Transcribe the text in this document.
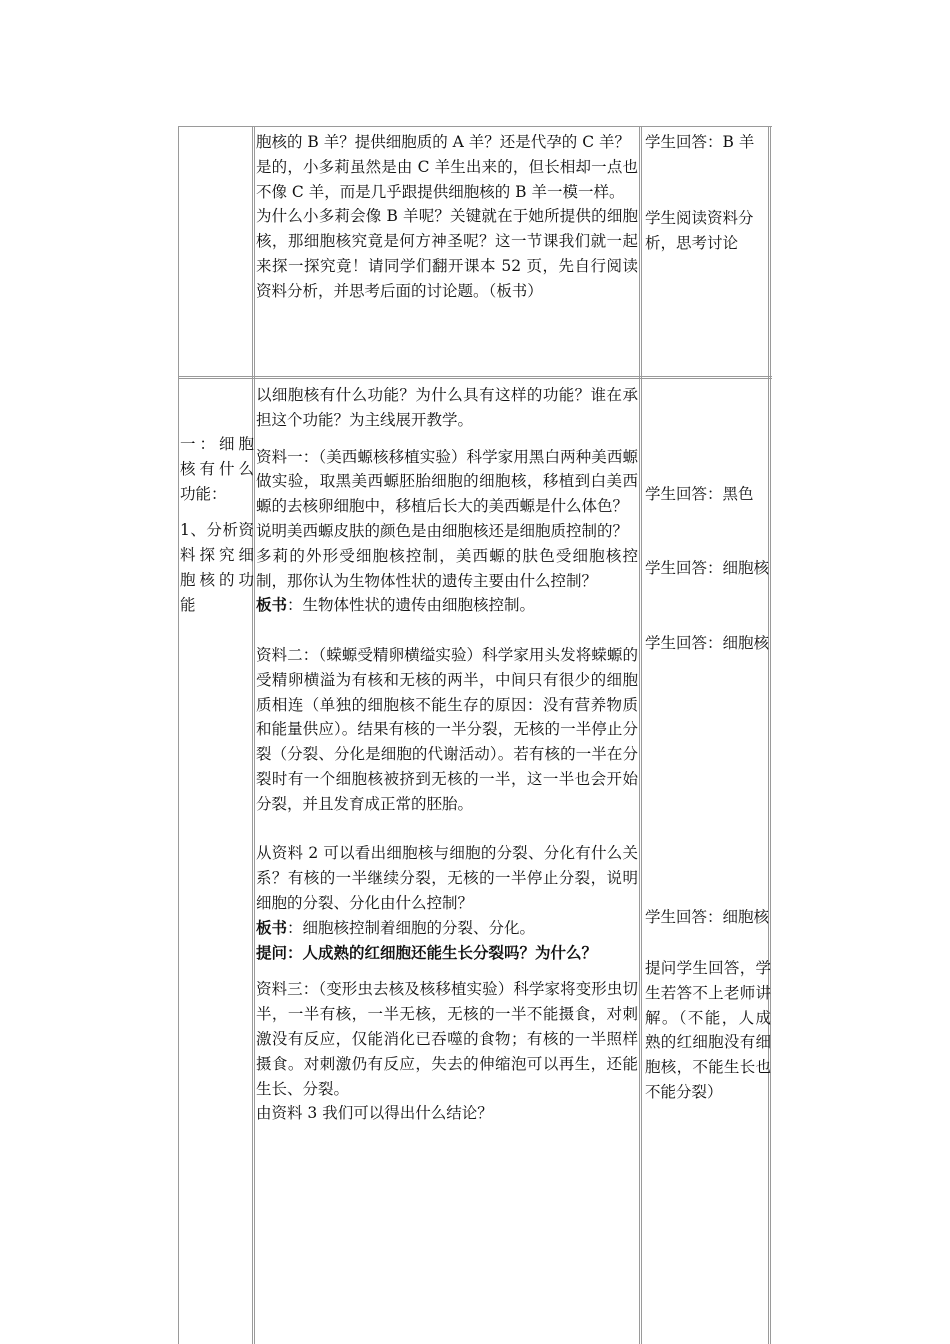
胞核的 B 羊？提供细胞质的 A 羊？还是代孕的 C 羊？

是的，小多莉虽然是由 C 羊生出来的，但长相却一点也不像 C 羊，而是几乎跟提供细胞核的 B 羊一模一样。

为什么小多莉会像 B 羊呢？关键就在于她所提供的细胞核，那细胞核究竟是何方神圣呢？这一节课我们就一起来探一探究竟！请同学们翻开课本 52 页，先自行阅读资料分析，并思考后面的讨论题。（板书）

学生回答：B 羊

学生阅读资料分析，思考讨论

一：细胞核有什么功能：

1、分析资料探究细胞核的功能

以细胞核有什么功能？为什么具有这样的功能？谁在承担这个功能？为主线展开教学。

资料一：（美西螈核移植实验）科学家用黑白两种美西螈做实验，取黑美西螈胚胎细胞的细胞核，移植到白美西螈的去核卵细胞中，移植后长大的美西螈是什么体色？

说明美西螈皮肤的颜色是由细胞核还是细胞质控制的？

多莉的外形受细胞核控制，美西螈的肤色受细胞核控制，那你认为生物体性状的遗传主要由什么控制？

板书：生物体性状的遗传由细胞核控制。

资料二：（蝾螈受精卵横缢实验）科学家用头发将蝾螈的受精卵横溢为有核和无核的两半，中间只有很少的细胞质相连（单独的细胞核不能生存的原因：没有营养物质和能量供应）。结果有核的一半分裂，无核的一半停止分裂（分裂、分化是细胞的代谢活动）。若有核的一半在分裂时有一个细胞核被挤到无核的一半，这一半也会开始分裂，并且发育成正常的胚胎。

从资料 2 可以看出细胞核与细胞的分裂、分化有什么关系？有核的一半继续分裂，无核的一半停止分裂，说明细胞的分裂、分化由什么控制？

板书：细胞核控制着细胞的分裂、分化。

提问：人成熟的红细胞还能生长分裂吗？为什么？

资料三：（变形虫去核及核移植实验）科学家将变形虫切半，一半有核，一半无核，无核的一半不能摄食，对刺激没有反应，仅能消化已吞噬的食物；有核的一半照样摄食。对刺激仍有反应，失去的伸缩泡可以再生，还能生长、分裂。

由资料 3 我们可以得出什么结论？

学生回答：黑色

学生回答：细胞核

学生回答：细胞核

学生回答：细胞核

提问学生回答，学生若答不上老师讲解。（不能，人成熟的红细胞没有细胞核，不能生长也不能分裂）
